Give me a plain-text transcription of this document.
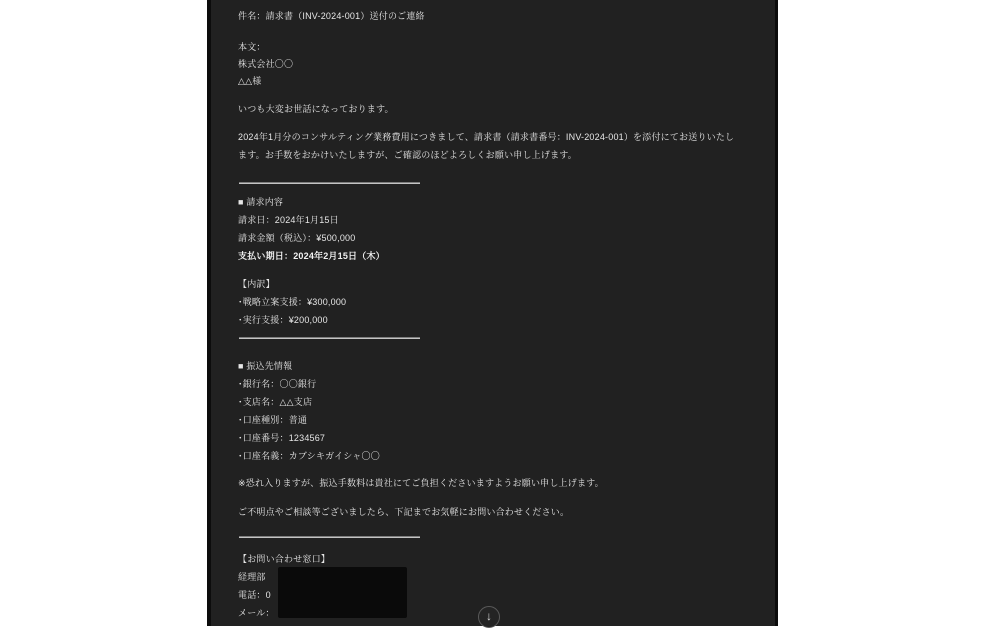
件名：請求書（INV-2024-001）送付のご連絡
本文：
株式会社〇〇
△△様
いつも大変お世話になっております。
2024年1月分のコンサルティング業務費用につきまして、請求書（請求書番号：INV-2024-001）を添付にてお送りいたし
ます。お手数をおかけいたしますが、ご確認のほどよろしくお願い申し上げます。
■ 請求内容
請求日：2024年1月15日
請求金額（税込）：¥500,000
支払い期日：2024年2月15日（木）
【内訳】
･戦略立案支援：¥300,000
･実行支援：¥200,000
■ 振込先情報
･銀行名：〇〇銀行
･支店名：△△支店
･口座種別：普通
･口座番号：1234567
･口座名義：カブシキガイシャ〇〇
※恐れ入りますが、振込手数料は貴社にてご負担くださいますようお願い申し上げます。
ご不明点やご相談等ございましたら、下記までお気軽にお問い合わせください。
【お問い合わせ窓口】
経理部
電話：0
メール：	↓
